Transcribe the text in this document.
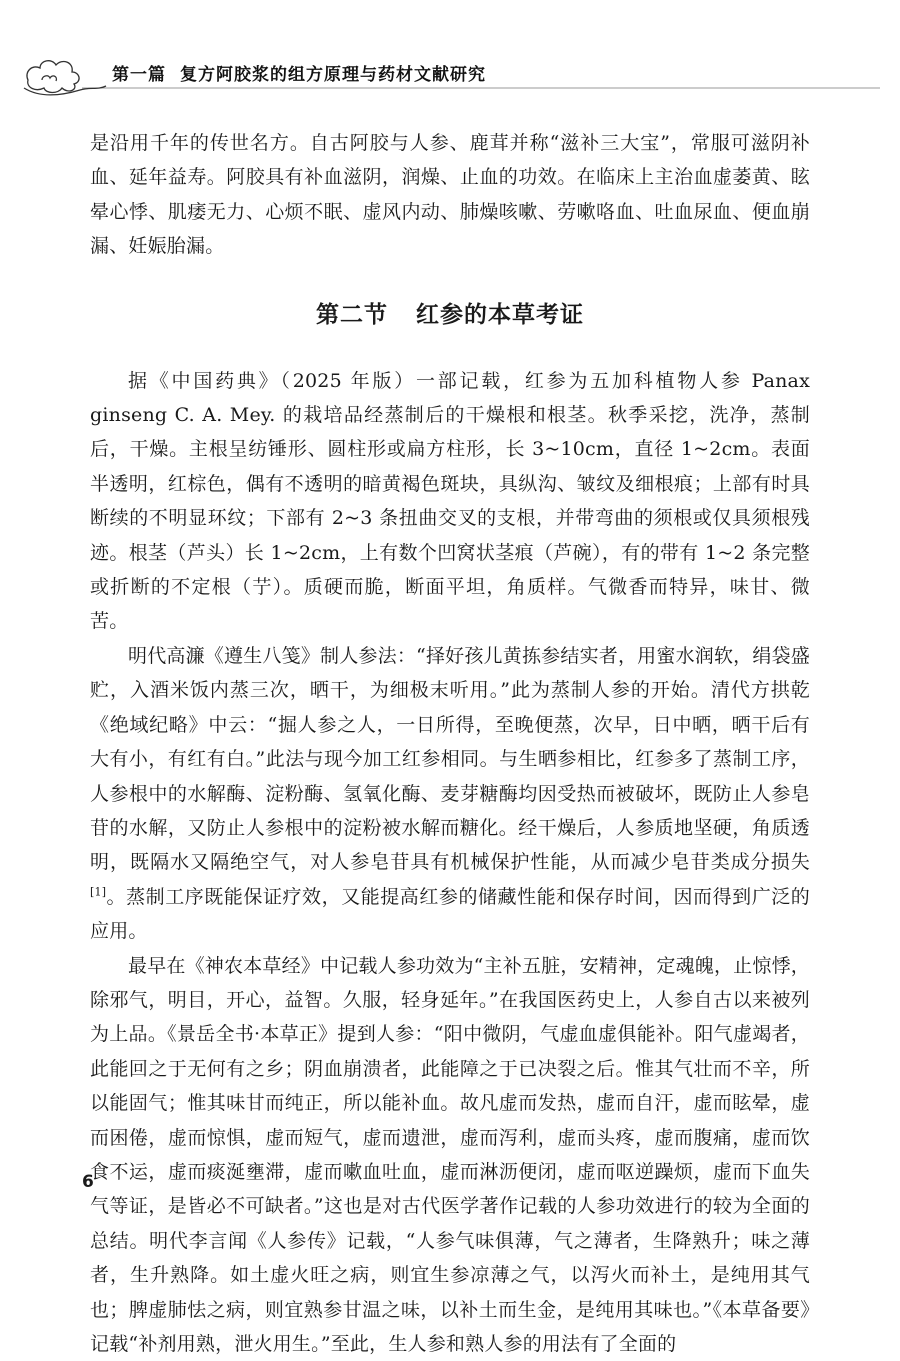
第一篇 复方阿胶浆的组方原理与药材文献研究

是沿用千年的传世名方。自古阿胶与人参、鹿茸并称“滋补三大宝”，常服可滋阴补血、延年益寿。阿胶具有补血滋阴，润燥、止血的功效。在临床上主治血虚萎黄、眩晕心悸、肌痿无力、心烦不眠、虚风内动、肺燥咳嗽、劳嗽咯血、吐血尿血、便血崩漏、妊娠胎漏。

第二节 红参的本草考证

据《中国药典》（2025 年版）一部记载，红参为五加科植物人参 Panax ginseng C. A. Mey. 的栽培品经蒸制后的干燥根和根茎。秋季采挖，洗净，蒸制后，干燥。主根呈纺锤形、圆柱形或扁方柱形，长 3~10cm，直径 1~2cm。表面半透明，红棕色，偶有不透明的暗黄褐色斑块，具纵沟、皱纹及细根痕；上部有时具断续的不明显环纹；下部有 2~3 条扭曲交叉的支根，并带弯曲的须根或仅具须根残迹。根茎（芦头）长 1~2cm，上有数个凹窝状茎痕（芦碗），有的带有 1~2 条完整或折断的不定根（艼）。质硬而脆，断面平坦，角质样。气微香而特异，味甘、微苦。

明代高濂《遵生八笺》制人参法：“择好孩儿黄拣参结实者，用蜜水润软，绢袋盛贮，入酒米饭内蒸三次，晒干，为细极末听用。”此为蒸制人参的开始。清代方拱乾《绝域纪略》中云：“掘人参之人，一日所得，至晚便蒸，次早，日中晒，晒干后有大有小，有红有白。”此法与现今加工红参相同。与生晒参相比，红参多了蒸制工序，人参根中的水解酶、淀粉酶、氢氧化酶、麦芽糖酶均因受热而被破坏，既防止人参皂苷的水解，又防止人参根中的淀粉被水解而糖化。经干燥后，人参质地坚硬，角质透明，既隔水又隔绝空气，对人参皂苷具有机械保护性能，从而减少皂苷类成分损失[1]。蒸制工序既能保证疗效，又能提高红参的储藏性能和保存时间，因而得到广泛的应用。

最早在《神农本草经》中记载人参功效为“主补五脏，安精神，定魂魄，止惊悸，除邪气，明目，开心，益智。久服，轻身延年。”在我国医药史上，人参自古以来被列为上品。《景岳全书·本草正》提到人参：“阳中微阴，气虚血虚俱能补。阳气虚竭者，此能回之于无何有之乡；阴血崩溃者，此能障之于已决裂之后。惟其气壮而不辛，所以能固气；惟其味甘而纯正，所以能补血。故凡虚而发热，虚而自汗，虚而眩晕，虚而困倦，虚而惊惧，虚而短气，虚而遗泄，虚而泻利，虚而头疼，虚而腹痛，虚而饮食不运，虚而痰涎壅滞，虚而嗽血吐血，虚而淋沥便闭，虚而呕逆躁烦，虚而下血失气等证，是皆必不可缺者。”这也是对古代医学著作记载的人参功效进行的较为全面的总结。明代李言闻《人参传》记载，“人参气味俱薄，气之薄者，生降熟升；味之薄者，生升熟降。如土虚火旺之病，则宜生参凉薄之气，以泻火而补土，是纯用其气也；脾虚肺怯之病，则宜熟参甘温之味，以补土而生金，是纯用其味也。”《本草备要》记载“补剂用熟，泄火用生。”至此，生人参和熟人参的用法有了全面的

6
